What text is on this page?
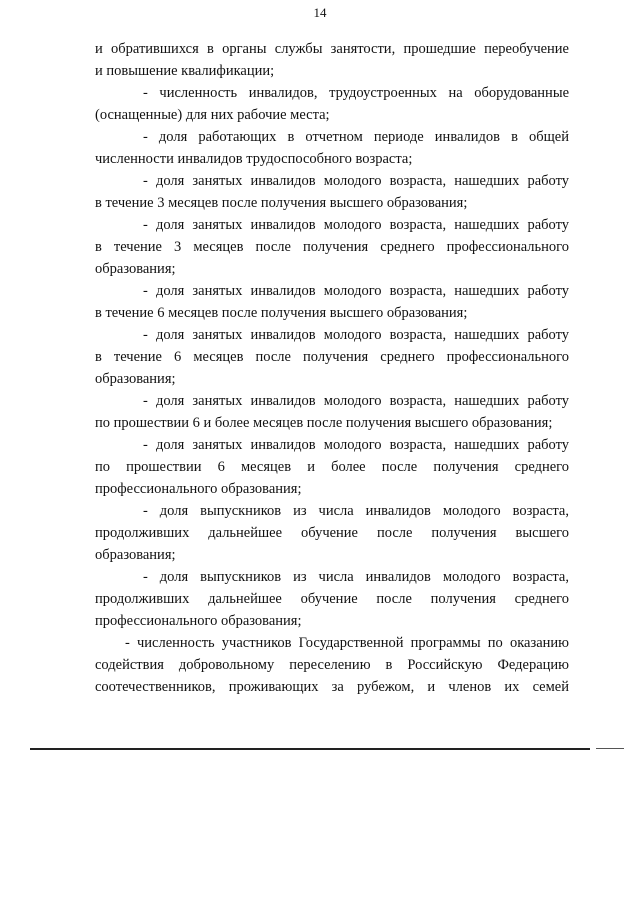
14
и обратившихся в органы службы занятости, прошедшие переобучение
и повышение квалификации;
- численность инвалидов, трудоустроенных на оборудованные
(оснащенные) для них рабочие места;
- доля работающих в отчетном периоде инвалидов в общей
численности инвалидов трудоспособного возраста;
- доля занятых инвалидов молодого возраста, нашедших работу
в течение 3 месяцев после получения высшего образования;
- доля занятых инвалидов молодого возраста, нашедших работу
в течение 3 месяцев после получения среднего профессионального
образования;
- доля занятых инвалидов молодого возраста, нашедших работу
в течение 6 месяцев после получения высшего образования;
- доля занятых инвалидов молодого возраста, нашедших работу
в течение 6 месяцев после получения среднего профессионального
образования;
- доля занятых инвалидов молодого возраста, нашедших работу
по прошествии 6 и более месяцев после получения высшего образования;
- доля занятых инвалидов молодого возраста, нашедших работу
по прошествии 6 месяцев и более после получения среднего
профессионального образования;
- доля выпускников из числа инвалидов молодого возраста,
продолживших дальнейшее обучение после получения высшего
образования;
- доля выпускников из числа инвалидов молодого возраста,
продолживших дальнейшее обучение после получения среднего
профессионального образования;
- численность участников Государственной программы по оказанию
содействия добровольному переселению в Российскую Федерацию
соотечественников, проживающих за рубежом, и членов их семей
